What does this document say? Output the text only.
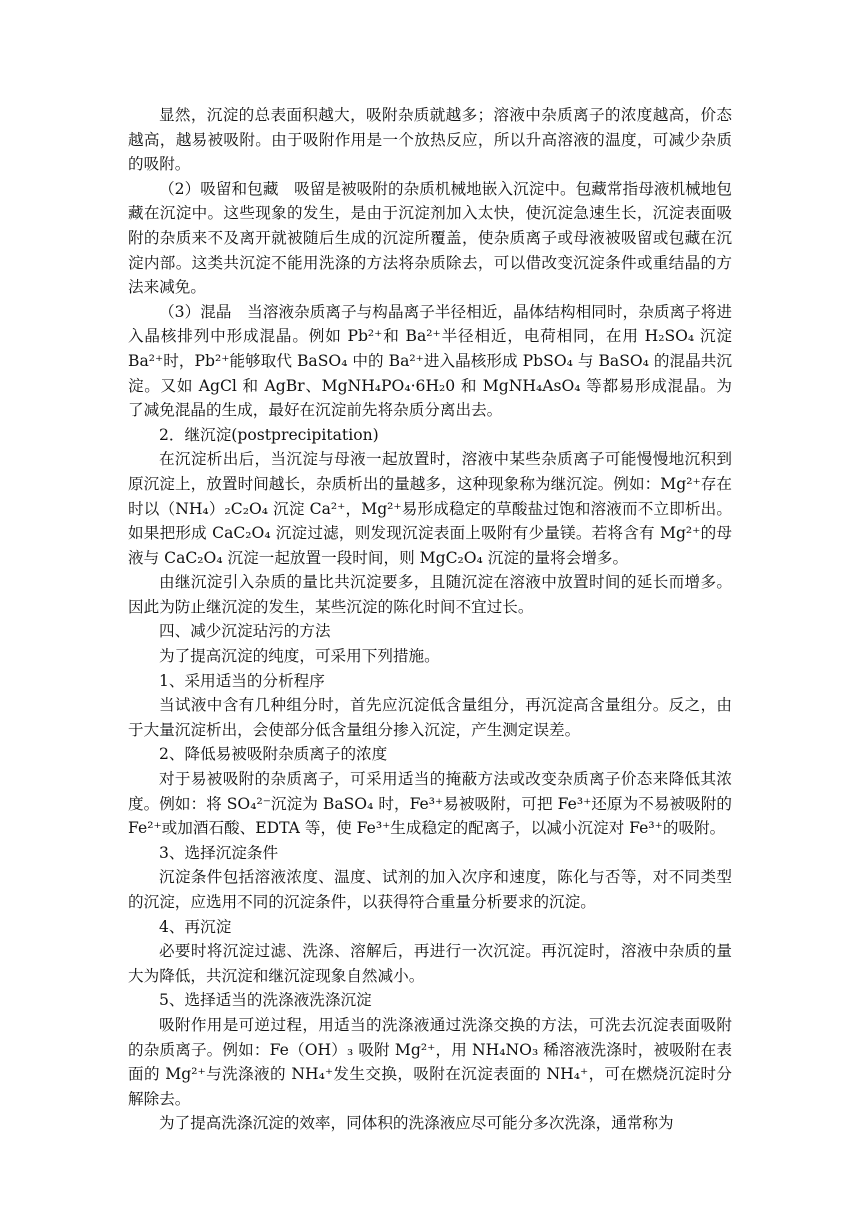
显然，沉淀的总表面积越大，吸附杂质就越多；溶液中杂质离子的浓度越高，价态越高，越易被吸附。由于吸附作用是一个放热反应，所以升高溶液的温度，可减少杂质的吸附。

（2）吸留和包藏　吸留是被吸附的杂质机械地嵌入沉淀中。包藏常指母液机械地包藏在沉淀中。这些现象的发生，是由于沉淀剂加入太快，使沉淀急速生长，沉淀表面吸附的杂质来不及离开就被随后生成的沉淀所覆盖，使杂质离子或母液被吸留或包藏在沉淀内部。这类共沉淀不能用洗涤的方法将杂质除去，可以借改变沉淀条件或重结晶的方法来减免。

（3）混晶　当溶液杂质离子与构晶离子半径相近，晶体结构相同时，杂质离子将进入晶核排列中形成混晶。例如 Pb²⁺和 Ba²⁺半径相近，电荷相同，在用 H₂SO₄ 沉淀 Ba²⁺时，Pb²⁺能够取代 BaSO₄ 中的 Ba²⁺进入晶核形成 PbSO₄ 与 BaSO₄ 的混晶共沉淀。又如 AgCl 和 AgBr、MgNH₄PO₄·6H₂0 和 MgNH₄AsO₄ 等都易形成混晶。为了减免混晶的生成，最好在沉淀前先将杂质分离出去。

2．继沉淀(postprecipitation)

在沉淀析出后，当沉淀与母液一起放置时，溶液中某些杂质离子可能慢慢地沉积到原沉淀上，放置时间越长，杂质析出的量越多，这种现象称为继沉淀。例如：Mg²⁺存在时以（NH₄）₂C₂O₄ 沉淀 Ca²⁺，Mg²⁺易形成稳定的草酸盐过饱和溶液而不立即析出。如果把形成 CaC₂O₄ 沉淀过滤，则发现沉淀表面上吸附有少量镁。若将含有 Mg²⁺的母液与 CaC₂O₄ 沉淀一起放置一段时间，则 MgC₂O₄ 沉淀的量将会增多。

由继沉淀引入杂质的量比共沉淀要多，且随沉淀在溶液中放置时间的延长而增多。因此为防止继沉淀的发生，某些沉淀的陈化时间不宜过长。

四、减少沉淀玷污的方法

为了提高沉淀的纯度，可采用下列措施。

1、采用适当的分析程序

当试液中含有几种组分时，首先应沉淀低含量组分，再沉淀高含量组分。反之，由于大量沉淀析出，会使部分低含量组分掺入沉淀，产生测定误差。

2、降低易被吸附杂质离子的浓度

对于易被吸附的杂质离子，可采用适当的掩蔽方法或改变杂质离子价态来降低其浓度。例如：将 SO₄²⁻沉淀为 BaSO₄ 时，Fe³⁺易被吸附，可把 Fe³⁺还原为不易被吸附的 Fe²⁺或加酒石酸、EDTA 等，使 Fe³⁺生成稳定的配离子，以减小沉淀对 Fe³⁺的吸附。

3、选择沉淀条件

沉淀条件包括溶液浓度、温度、试剂的加入次序和速度，陈化与否等，对不同类型的沉淀，应选用不同的沉淀条件，以获得符合重量分析要求的沉淀。

4、再沉淀

必要时将沉淀过滤、洗涤、溶解后，再进行一次沉淀。再沉淀时，溶液中杂质的量大为降低，共沉淀和继沉淀现象自然减小。

5、选择适当的洗涤液洗涤沉淀

吸附作用是可逆过程，用适当的洗涤液通过洗涤交换的方法，可洗去沉淀表面吸附的杂质离子。例如：Fe（OH）₃ 吸附 Mg²⁺，用 NH₄NO₃ 稀溶液洗涤时，被吸附在表面的 Mg²⁺与洗涤液的 NH₄⁺发生交换，吸附在沉淀表面的 NH₄⁺，可在燃烧沉淀时分解除去。

为了提高洗涤沉淀的效率，同体积的洗涤液应尽可能分多次洗涤，通常称为
